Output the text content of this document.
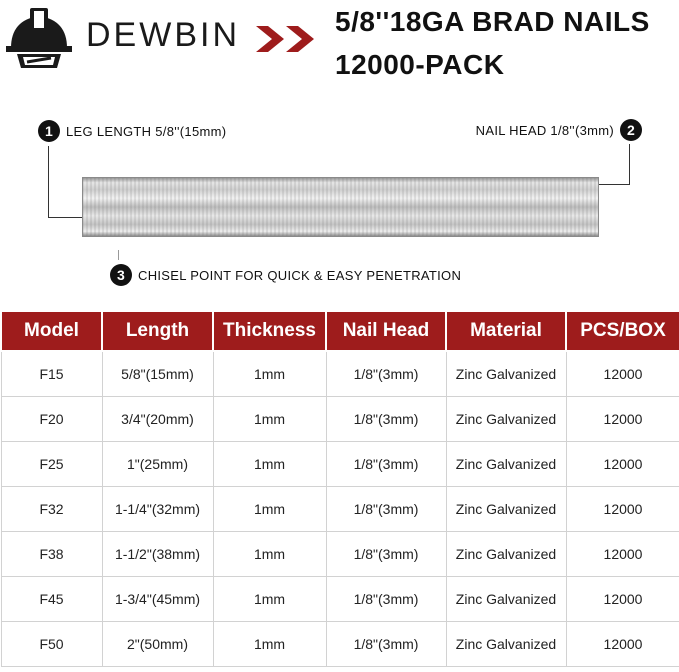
DEWBIN	5/8''18GA BRAD NAILS
12000-PACK
1 LEG LENGTH 5/8''(15mm)	NAIL HEAD 1/8''(3mm) 2
3 CHISEL POINT FOR QUICK & EASY PENETRATION
Model	Length	Thickness	Nail Head	Material	PCS/BOX
F15	5/8"(15mm)	1mm	1/8"(3mm)	Zinc Galvanized	12000
F20	3/4"(20mm)	1mm	1/8"(3mm)	Zinc Galvanized	12000
F25	1"(25mm)	1mm	1/8"(3mm)	Zinc Galvanized	12000
F32	1-1/4"(32mm)	1mm	1/8"(3mm)	Zinc Galvanized	12000
F38	1-1/2"(38mm)	1mm	1/8"(3mm)	Zinc Galvanized	12000
F45	1-3/4"(45mm)	1mm	1/8"(3mm)	Zinc Galvanized	12000
F50	2"(50mm)	1mm	1/8"(3mm)	Zinc Galvanized	12000
